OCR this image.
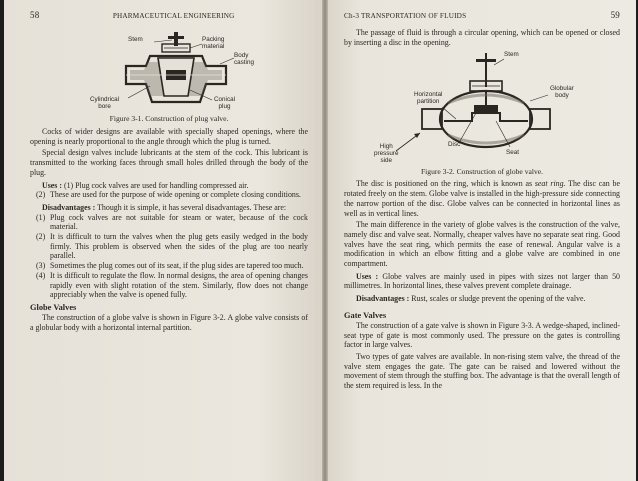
58	PHARMACEUTICAL ENGINEERING
Stem	Packing
material
Body
casting
Cylindrical
bore
Conical
plug
Figure 3-1. Construction of plug valve.

Cocks of wider designs are available with specially shaped openings, where the opening is nearly proportional to the angle through which the plug is turned.

Special design valves include lubricants at the stem of the cock. This lubricant is transmitted to the working faces through small holes drilled through the body of the plug.

Uses : (1) Plug cock valves are used for handling compressed air.

(2) These are used for the purpose of wide opening or complete closing conditions.

Disadvantages : Though it is simple, it has several disadvantages. These are:

(1) Plug cock valves are not suitable for steam or water, because of the cock material.
(2) It is difficult to turn the valves when the plug gets easily wedged in the body firmly. This problem is observed when the sides of the plug are too nearly parallel.
(3) Sometimes the plug comes out of its seat, if the plug sides are tapered too much.
(4) It is difficult to regulate the flow. In normal designs, the area of opening changes rapidly even with slight rotation of the stem. Similarly, flow does not change appreciably when the valve is opened fully.
Globe Valves

The construction of a globe valve is shown in Figure 3-2. A globe valve consists of a globular body with a horizontal internal partition.

Ch-3 TRANSPORTATION OF FLUIDS	59

The passage of fluid is through a circular opening, which can be opened or closed by inserting a disc in the opening.

Stem
Globular
body
Horizontal
partition
Disc
Seat
High
pressure
side
Figure 3-2. Construction of globe valve.

The disc is positioned on the ring, which is known as seat ring. The disc can be rotated freely on the stem. Globe valve is installed in the high-pressure side connecting the narrow portion of the disc. Globe valves can be connected in horizontal lines as well as in vertical lines.

The main difference in the variety of globe valves is the construction of the valve, namely disc and valve seat. Normally, cheaper valves have no separate seat ring. Good valves have the seat ring, which permits the ease of renewal. Angular valve is a modification in which an elbow fitting and a globe valve are combined in one compartment.

Uses : Globe valves are mainly used in pipes with sizes not larger than 50 millimetres. In horizontal lines, these valves prevent complete drainage.

Disadvantages : Rust, scales or sludge prevent the opening of the valve.

Gate Valves

The construction of a gate valve is shown in Figure 3-3. A wedge-shaped, inclined-seat type of gate is most commonly used. The pressure on the gates is controlling factor in large valves.

Two types of gate valves are available. In non-rising stem valve, the thread of the valve stem engages the gate. The gate can be raised and lowered without the movement of stem through the stuffing box. The advantage is that the overall length of the stem required is less. In the
